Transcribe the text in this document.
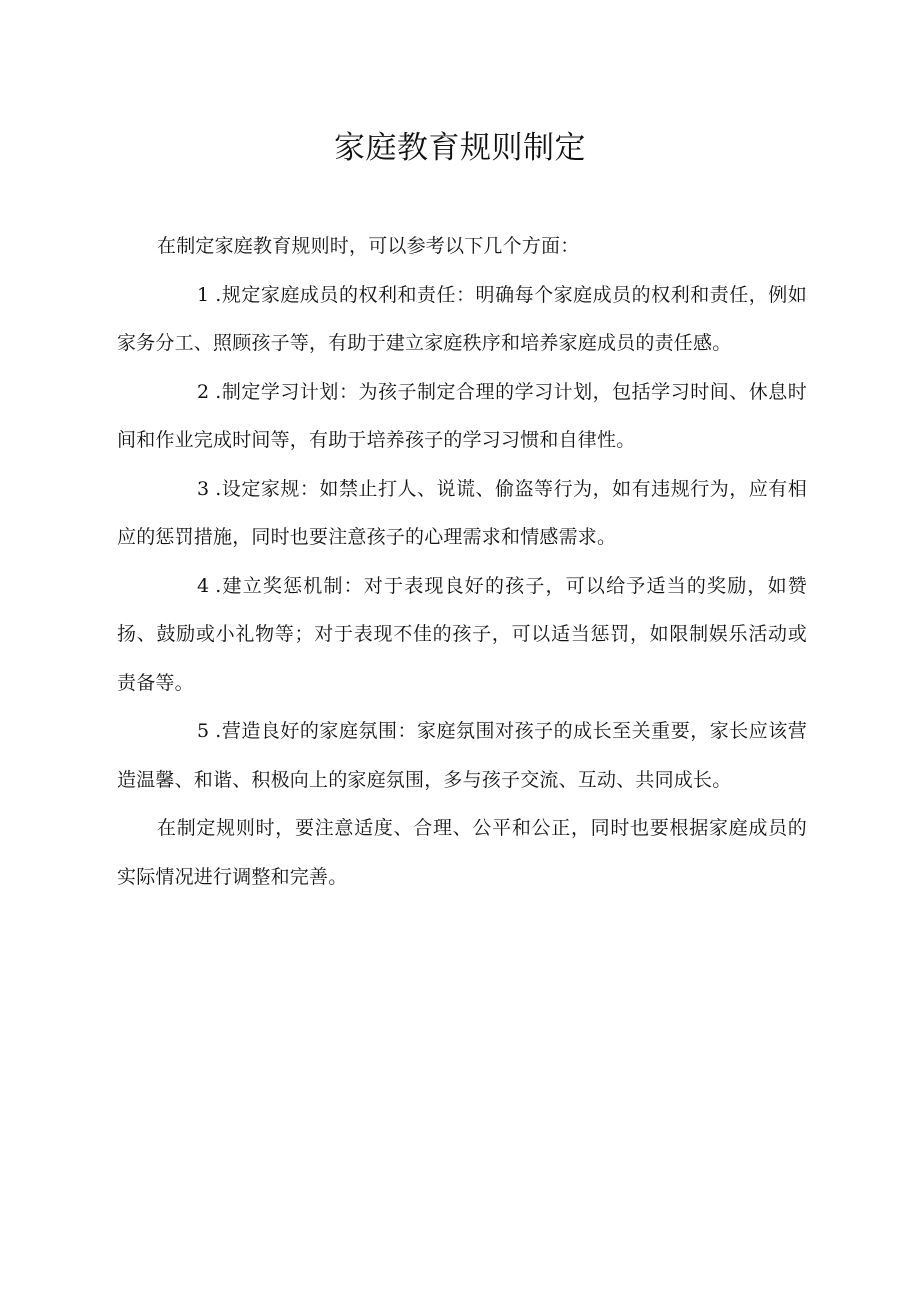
家庭教育规则制定

在制定家庭教育规则时，可以参考以下几个方面：

1 .规定家庭成员的权利和责任：明确每个家庭成员的权利和责任，例如家务分工、照顾孩子等，有助于建立家庭秩序和培养家庭成员的责任感。

2 .制定学习计划：为孩子制定合理的学习计划，包括学习时间、休息时间和作业完成时间等，有助于培养孩子的学习习惯和自律性。

3 .设定家规：如禁止打人、说谎、偷盗等行为，如有违规行为，应有相应的惩罚措施，同时也要注意孩子的心理需求和情感需求。

4 .建立奖惩机制：对于表现良好的孩子，可以给予适当的奖励，如赞扬、鼓励或小礼物等；对于表现不佳的孩子，可以适当惩罚，如限制娱乐活动或责备等。

5 .营造良好的家庭氛围：家庭氛围对孩子的成长至关重要，家长应该营造温馨、和谐、积极向上的家庭氛围，多与孩子交流、互动、共同成长。

在制定规则时，要注意适度、合理、公平和公正，同时也要根据家庭成员的实际情况进行调整和完善。
